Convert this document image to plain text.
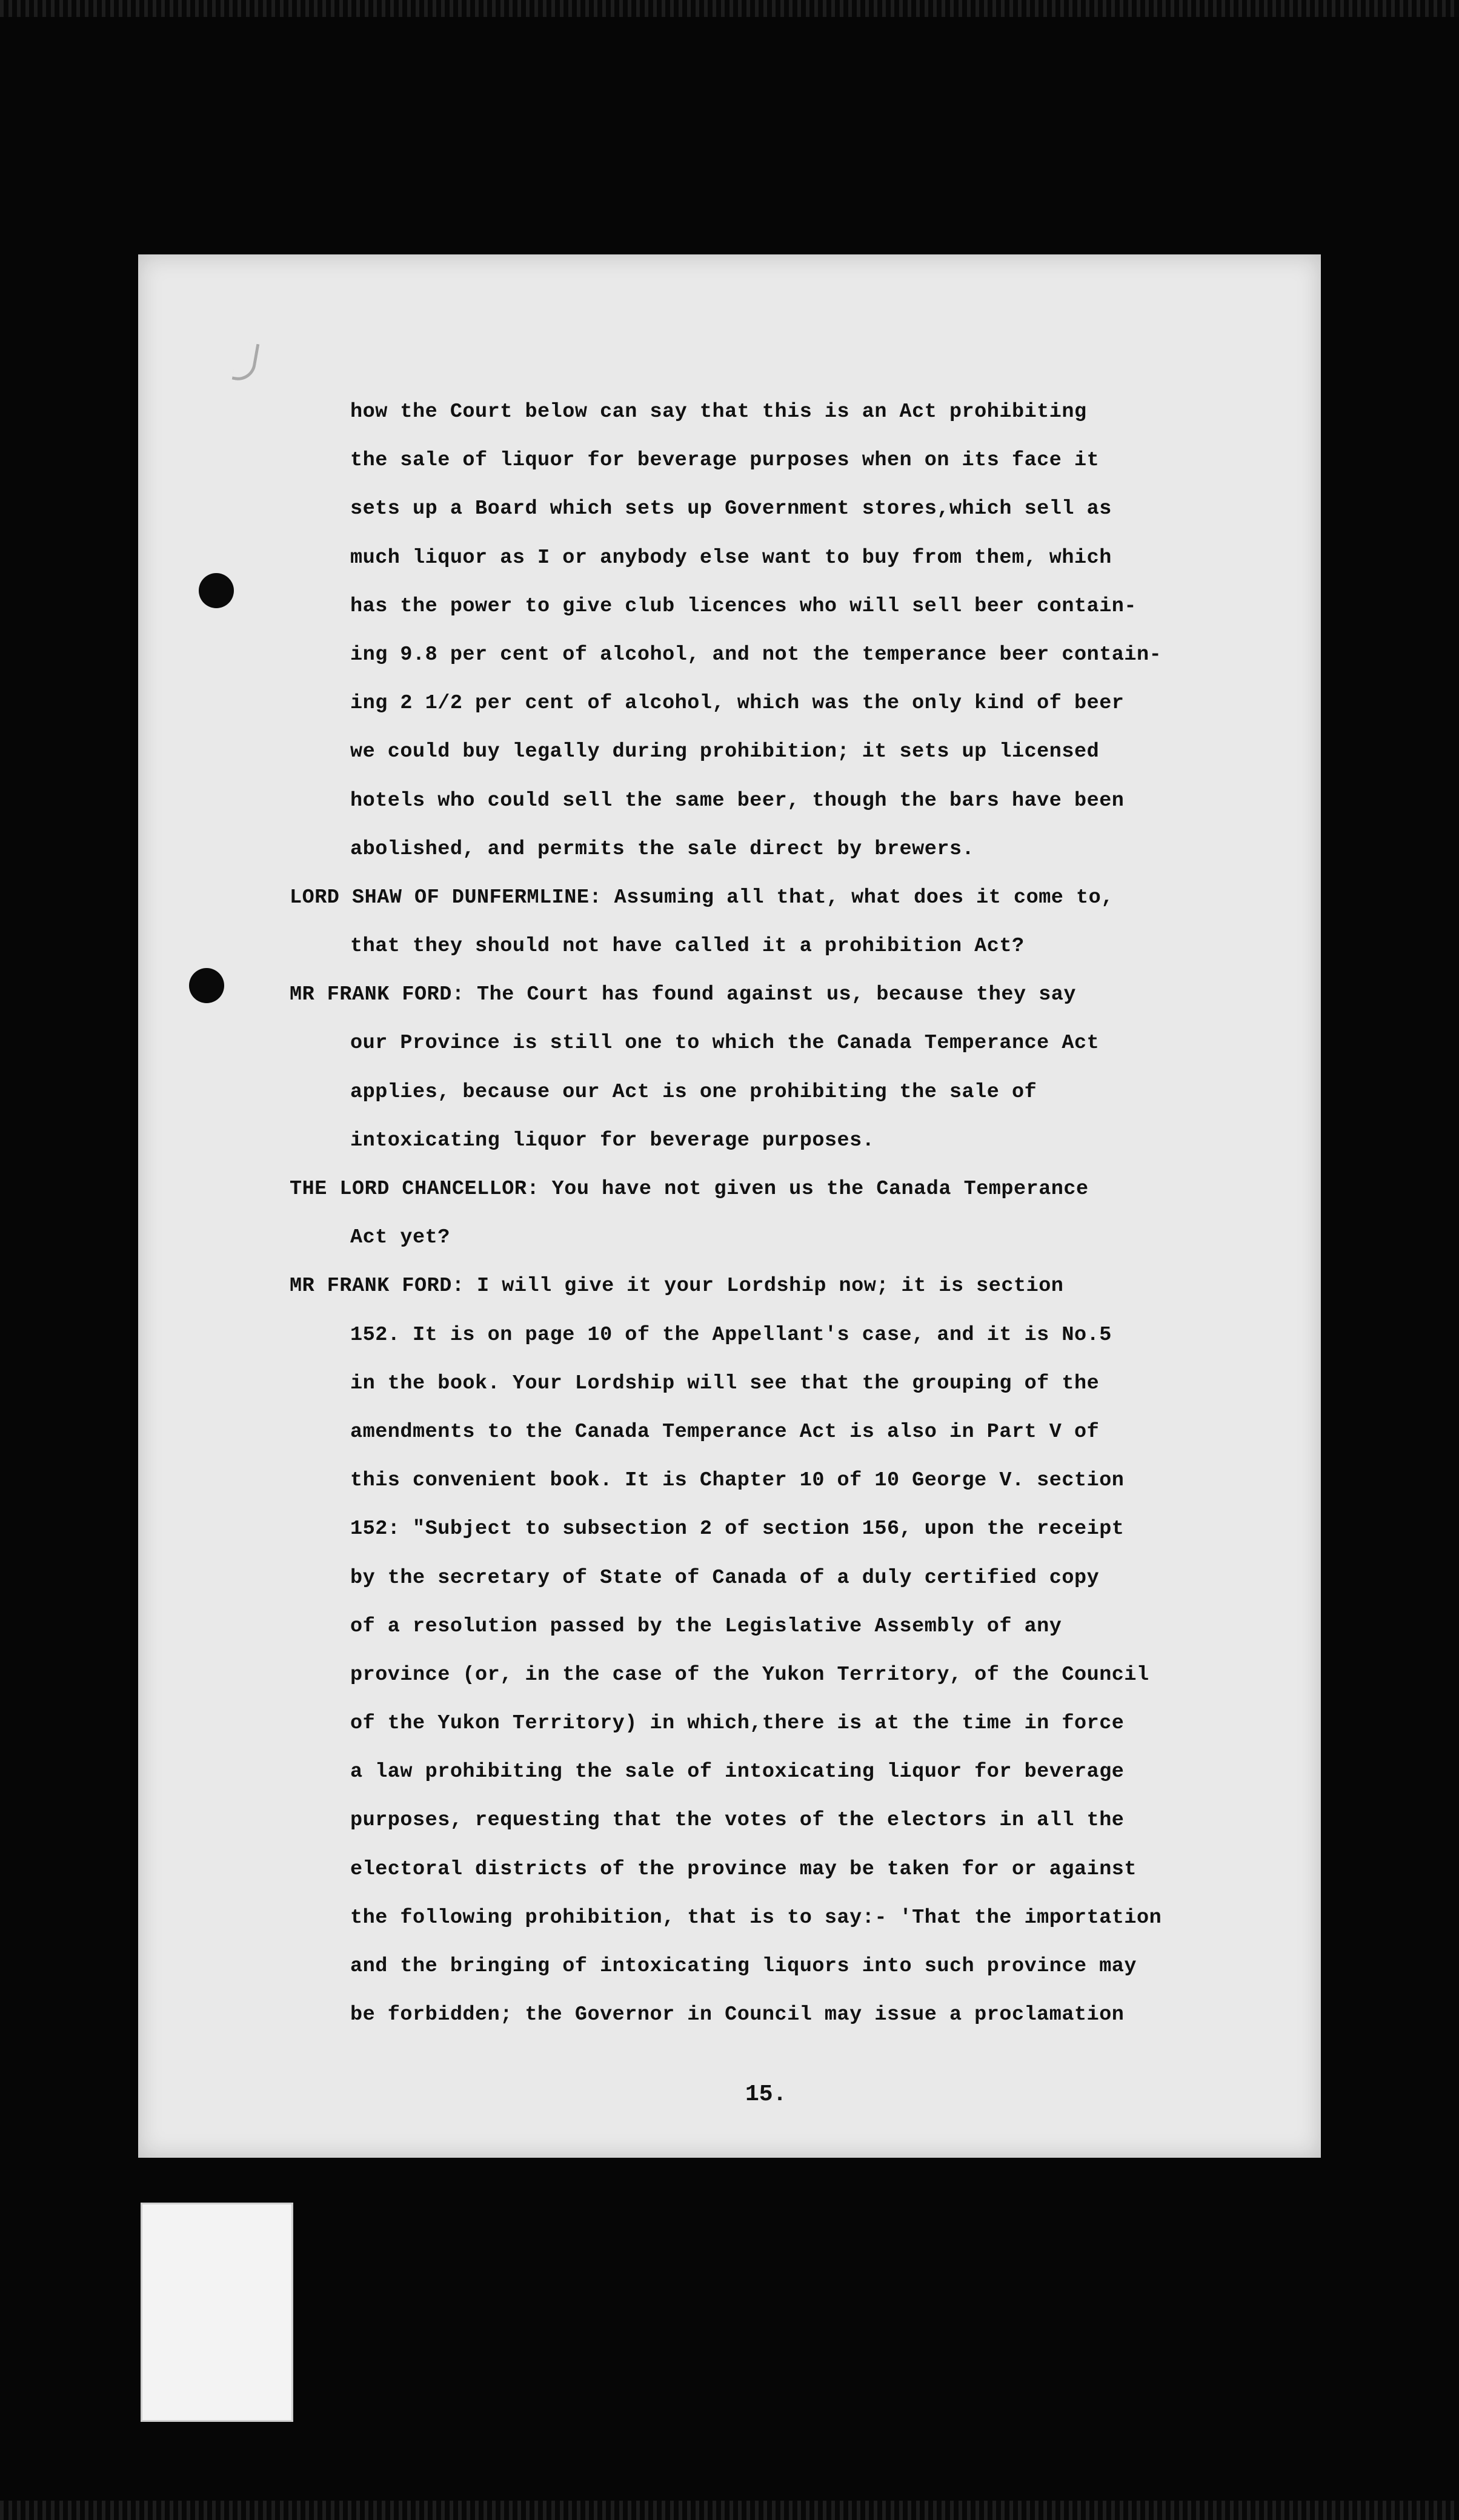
how the Court below can say that this is an Act prohibiting
the sale of liquor for beverage purposes when on its face it
sets up a Board which sets up Government stores,which sell as
much liquor as I or anybody else want to buy from them, which
has the power to give club licences who will sell beer contain-
ing 9.8 per cent of alcohol, and not the temperance beer contain-
ing 2 1/2 per cent of alcohol, which was the only kind of beer
we could buy legally during prohibition; it sets up licensed
hotels who could sell the same beer, though the bars have been
abolished, and permits the sale direct by brewers.
LORD SHAW OF DUNFERMLINE: Assuming all that, what does it come to,
that they should not have called it a prohibition Act?
MR FRANK FORD: The Court has found against us, because they say
our Province is still one to which the Canada Temperance Act
applies, because our Act is one prohibiting the sale of
intoxicating liquor for beverage purposes.
THE LORD CHANCELLOR: You have not given us the Canada Temperance
Act yet?
MR FRANK FORD: I will give it your Lordship now; it is section
152. It is on page 10 of the Appellant's case, and it is No.5
in the book. Your Lordship will see that the grouping of the
amendments to the Canada Temperance Act is also in Part V of
this convenient book. It is Chapter 10 of 10 George V. section
152: "Subject to subsection 2 of section 156, upon the receipt
by the secretary of State of Canada of a duly certified copy
of a resolution passed by the Legislative Assembly of any
province (or, in the case of the Yukon Territory, of the Council
of the Yukon Territory) in which,there is at the time in force
a law prohibiting the sale of intoxicating liquor for beverage
purposes, requesting that the votes of the electors in all the
electoral districts of the province may be taken for or against
the following prohibition, that is to say:- 'That the importation
and the bringing of intoxicating liquors into such province may
be forbidden; the Governor in Council may issue a proclamation
15.
